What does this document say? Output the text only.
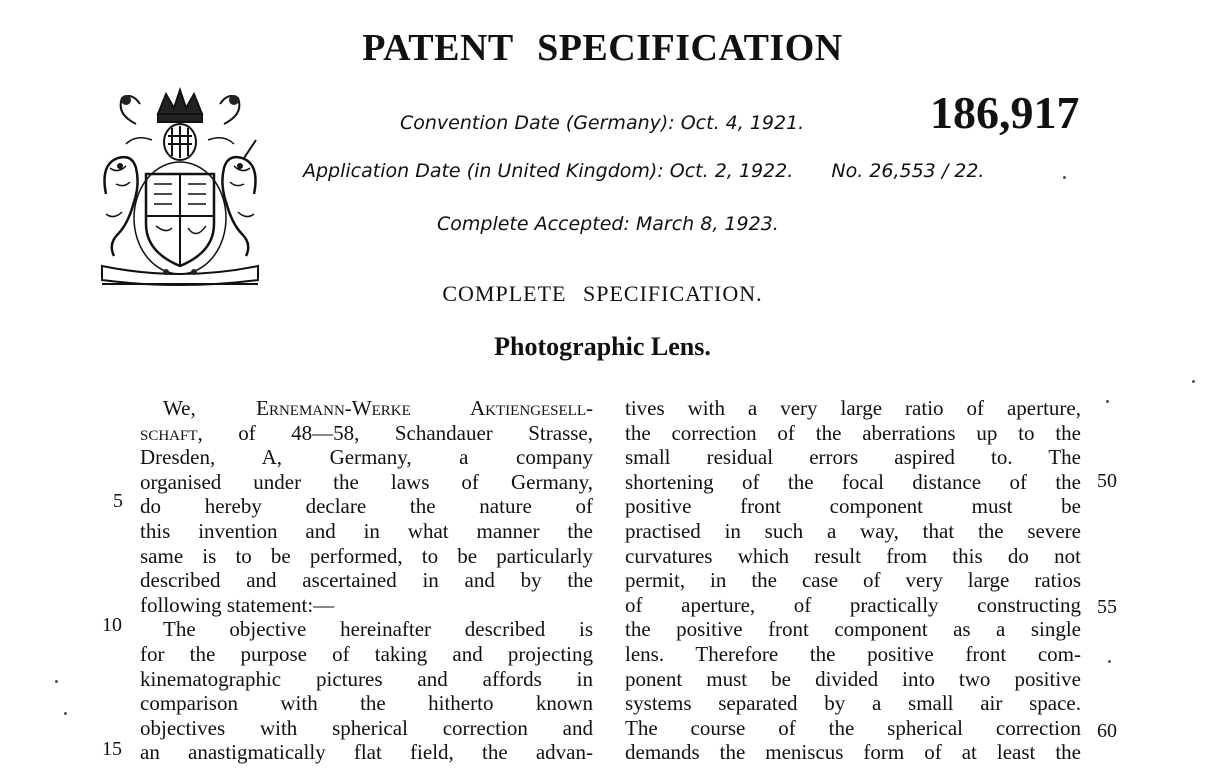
PATENT SPECIFICATION
Convention Date (Germany): Oct. 4, 1921.	186,917
Application Date (in United Kingdom): Oct. 2, 1922. No. 26,553 / 22.
Complete Accepted: March 8, 1923.
COMPLETE SPECIFICATION.
Photographic Lens.
We, Ernemann-Werke Aktiengesell-
schaft, of 48—58, Schandauer Strasse,
Dresden, A, Germany, a company
organised under the laws of Germany,
do hereby declare the nature of
this invention and in what manner the
same is to be performed, to be particularly
described and ascertained in and by the
following statement:—
The objective hereinafter described is
for the purpose of taking and projecting
kinematographic pictures and affords in
comparison with the hitherto known
objectives with spherical correction and
an anastigmatically flat field, the advan-
tives with a very large ratio of aperture,
the correction of the aberrations up to the
small residual errors aspired to. The
shortening of the focal distance of the
positive front component must be
practised in such a way, that the severe
curvatures which result from this do not
permit, in the case of very large ratios
of aperture, of practically constructing
the positive front component as a single
lens. Therefore the positive front com-
ponent must be divided into two positive
systems separated by a small air space.
The course of the spherical correction
demands the meniscus form of at least the
5
10
15
50
55
60
